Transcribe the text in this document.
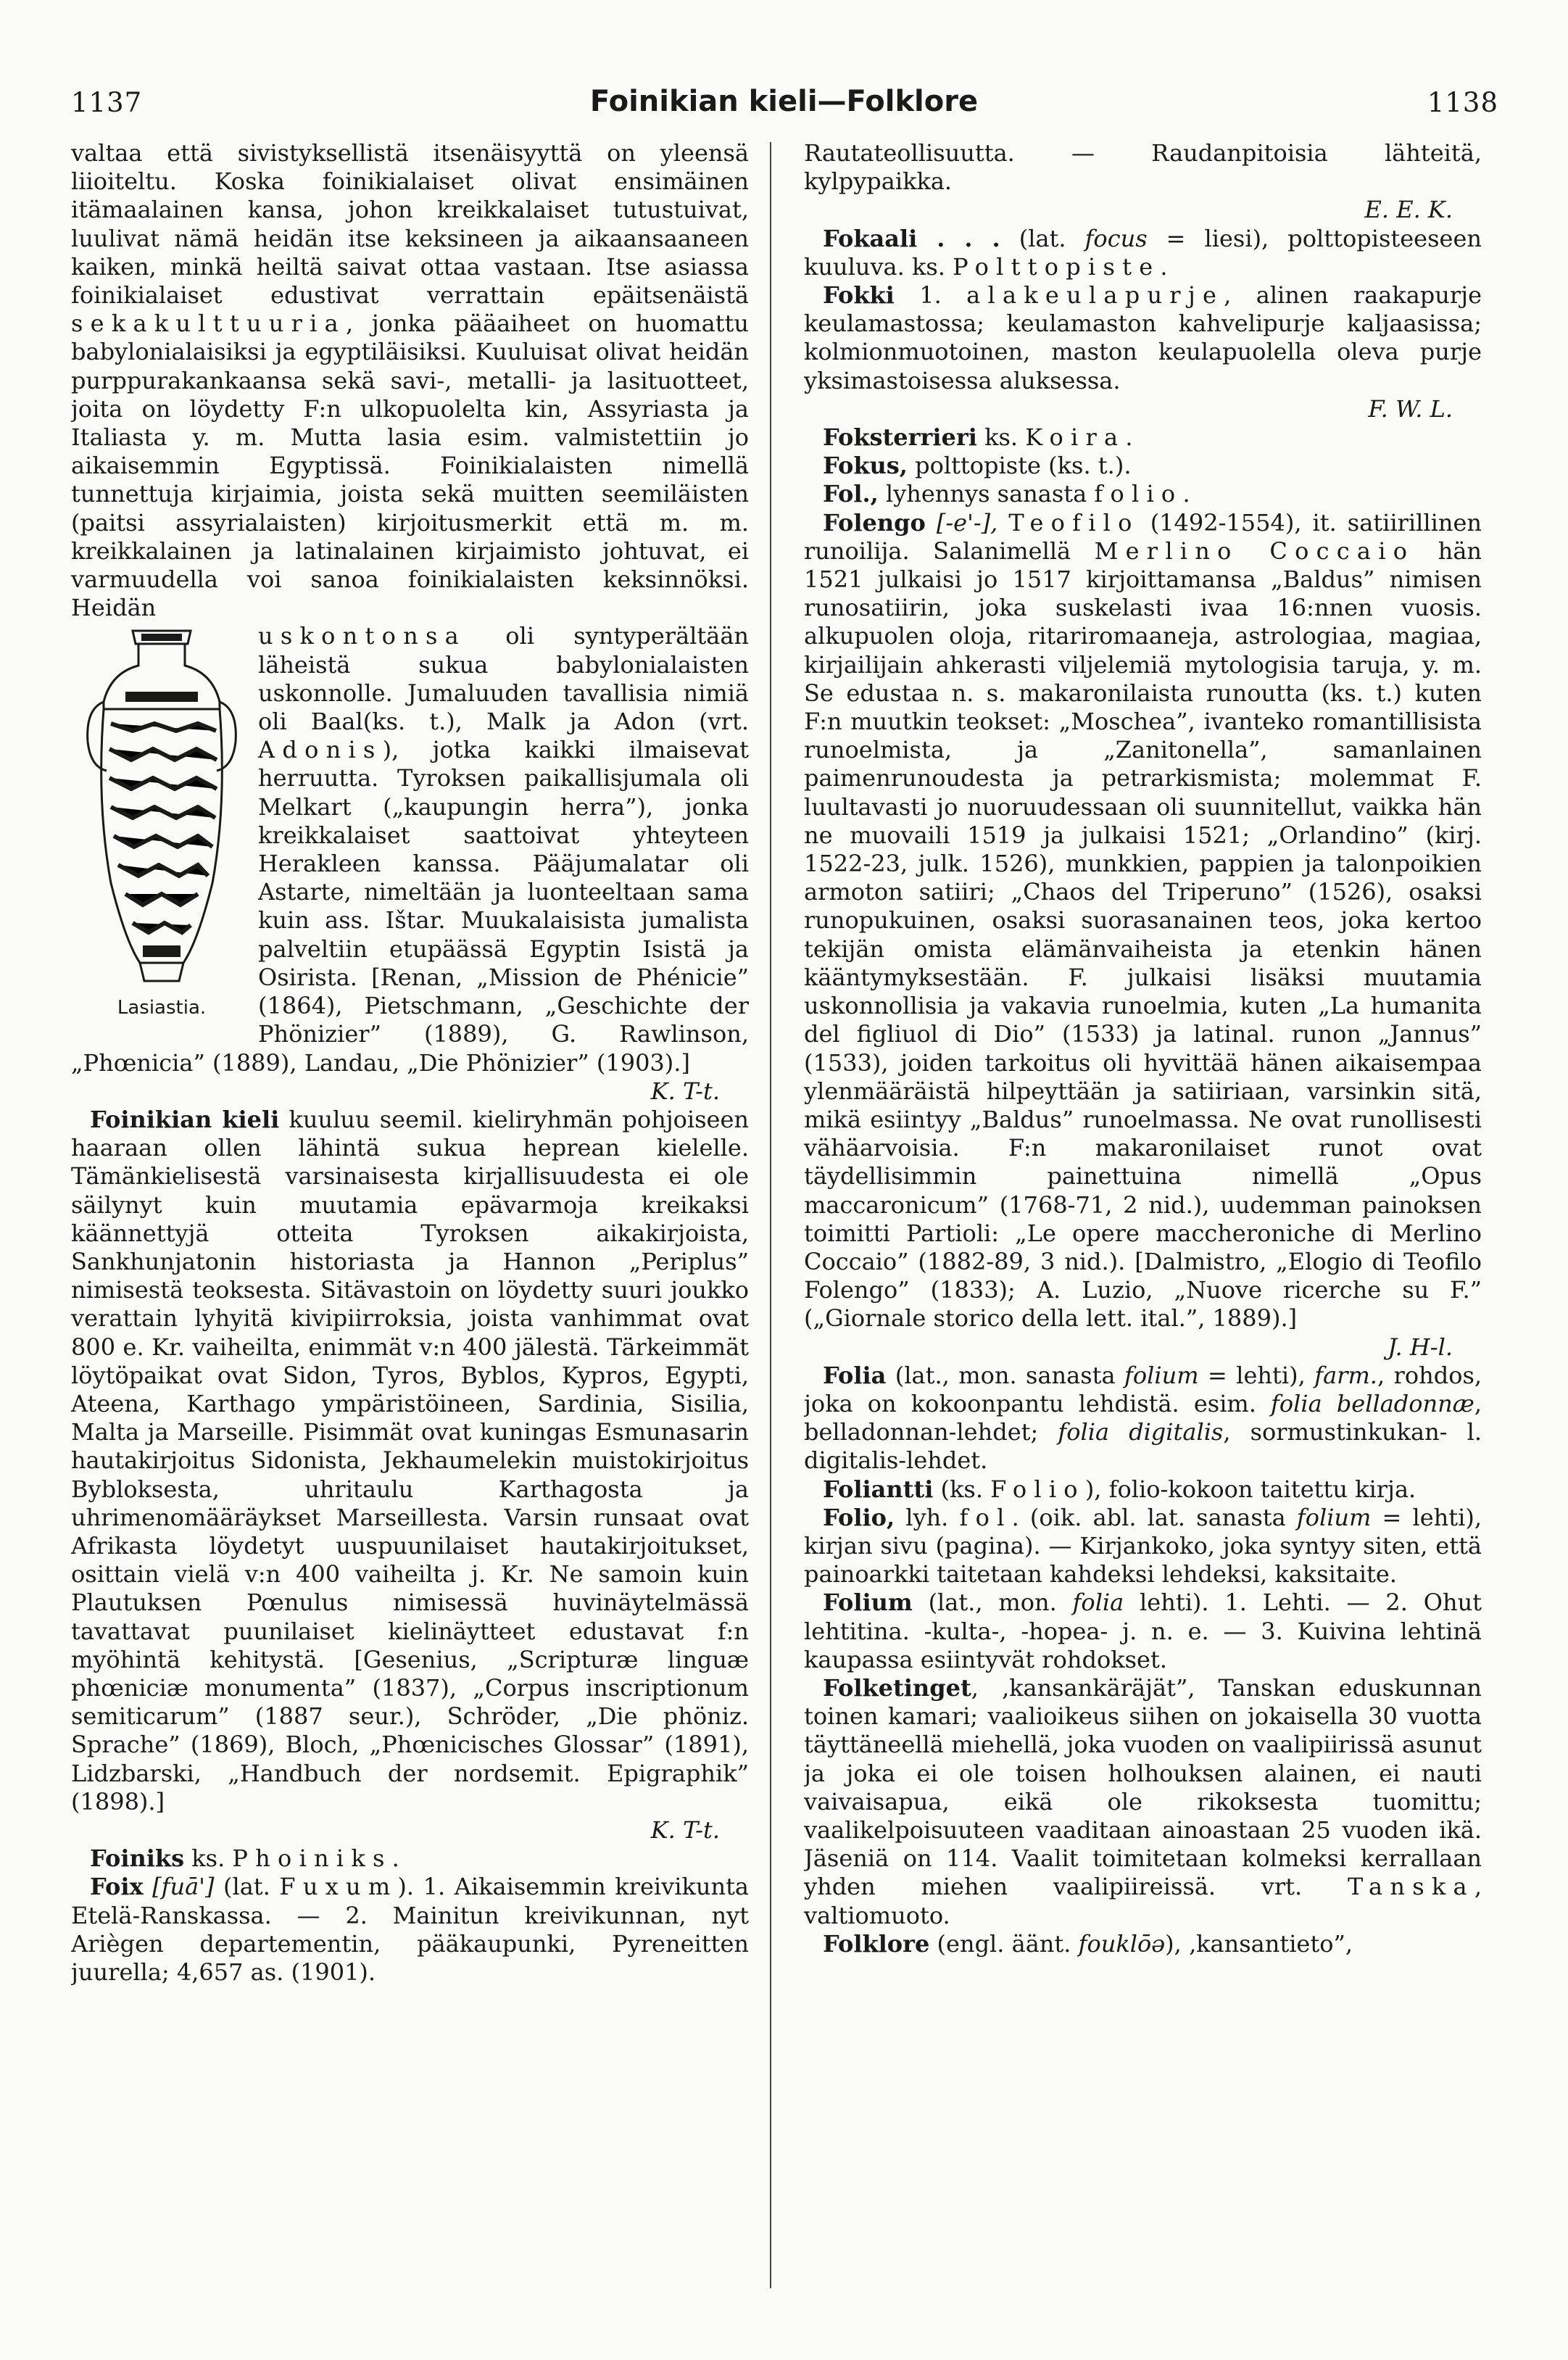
1137	Foinikian kieli—Folklore	1138

valtaa että sivistyksellistä itsenäisyyttä on yleensä liioiteltu. Koska foinikialaiset olivat ensimäinen itämaalainen kansa, johon kreikkalaiset tutustuivat, luulivat nämä heidän itse keksineen ja aikaansaaneen kaiken, minkä heiltä saivat ottaa vastaan. Itse asiassa foinikialaiset edustivat verrattain epäitsenäistä sekakulttuuria, jonka pääaiheet on huomattu babylonialaisiksi ja egyptiläisiksi. Kuuluisat olivat heidän purppurakankaansa sekä savi-, metalli- ja lasituotteet, joita on löydetty F:n ulkopuolelta kin, Assyriasta ja Italiasta y. m. Mutta lasia esim. valmistettiin jo aikaisemmin Egyptissä. Foinikialaisten nimellä tunnettuja kirjaimia, joista sekä muitten seemiläisten (paitsi assyrialaisten) kirjoitusmerkit että m. m. kreikkalainen ja latinalainen kirjaimisto johtuvat, ei varmuudella voi sanoa foinikialaisten keksinnöksi. Heidän

Lasiastia.

uskontonsa oli syntyperältään läheistä sukua babylonialaisten uskonnolle. Jumaluuden tavallisia nimiä oli Baal(ks. t.), Malk ja Adon (vrt. Adonis), jotka kaikki ilmaisevat herruutta. Tyroksen paikallisjumala oli Melkart („kaupungin herra”), jonka kreikkalaiset saattoivat yhteyteen Herakleen kanssa. Pääjumalatar oli Astarte, nimeltään ja luonteeltaan sama kuin ass. Ištar. Muukalaisista jumalista palveltiin etupäässä Egyptin Isistä ja Osirista. [Renan, „Mission de Phénicie” (1864), Pietschmann, „Geschichte der Phönizier” (1889), G. Rawlinson, „Phœnicia” (1889), Landau, „Die Phönizier” (1903).]
K. T-t.

Foinikian kieli kuuluu seemil. kieliryhmän pohjoiseen haaraan ollen lähintä sukua heprean kielelle. Tämänkielisestä varsinaisesta kirjallisuudesta ei ole säilynyt kuin muutamia epävarmoja kreikaksi käännettyjä otteita Tyroksen aikakirjoista, Sankhunjatonin historiasta ja Hannon „Periplus” nimisestä teoksesta. Sitävastoin on löydetty suuri joukko verattain lyhyitä kivipiirroksia, joista vanhimmat ovat 800 e. Kr. vaiheilta, enimmät v:n 400 jälestä. Tärkeimmät löytöpaikat ovat Sidon, Tyros, Byblos, Kypros, Egypti, Ateena, Karthago ympäristöineen, Sardinia, Sisilia, Malta ja Marseille. Pisimmät ovat kuningas Esmunasarin hautakirjoitus Sidonista, Jekhaumelekin muistokirjoitus Bybloksesta, uhritaulu Karthagosta ja uhrimenomääräykset Marseillesta. Varsin runsaat ovat Afrikasta löydetyt uuspuunilaiset hautakirjoitukset, osittain vielä v:n 400 vaiheilta j. Kr. Ne samoin kuin Plautuksen Pœnulus nimisessä huvinäytelmässä tavattavat puunilaiset kielinäytteet edustavat f:n myöhintä kehitystä. [Gesenius, „Scripturæ linguæ phœniciæ monumenta” (1837), „Corpus inscriptionum semiticarum” (1887 seur.), Schröder, „Die phöniz. Sprache” (1869), Bloch, „Phœnicisches Glossar” (1891), Lidzbarski, „Handbuch der nordsemit. Epigraphik” (1898).]
K. T-t.

Foiniks ks. Phoiniks.

Foix [fuā'] (lat. Fuxum). 1. Aikaisemmin kreivikunta Etelä-Ranskassa. — 2. Mainitun kreivikunnan, nyt Ariègen departementin, pääkaupunki, Pyreneitten juurella; 4,657 as. (1901).

Rautateollisuutta. — Raudanpitoisia lähteitä, kylpypaikka.
E. E. K.

Fokaali . . . (lat. focus = liesi), polttopisteeseen kuuluva. ks. Polttopiste.

Fokki 1. alakeulapurje, alinen raakapurje keulamastossa; keulamaston kahvelipurje kaljaasissa; kolmionmuotoinen, maston keulapuolella oleva purje yksimastoisessa aluksessa.
F. W. L.

Foksterrieri ks. Koira.

Fokus, polttopiste (ks. t.).

Fol., lyhennys sanasta folio.

Folengo [-e'-], Teofilo (1492-1554), it. satiirillinen runoilija. Salanimellä Merlino Coccaio hän 1521 julkaisi jo 1517 kirjoittamansa „Baldus” nimisen runosatiirin, joka suskelasti ivaa 16:nnen vuosis. alkupuolen oloja, ritariromaaneja, astrologiaa, magiaa, kirjailijain ahkerasti viljelemiä mytologisia taruja, y. m. Se edustaa n. s. makaronilaista runoutta (ks. t.) kuten F:n muutkin teokset: „Moschea”, ivanteko romantillisista runoelmista, ja „Zanitonella”, samanlainen paimenrunoudesta ja petrarkismista; molemmat F. luultavasti jo nuoruudessaan oli suunnitellut, vaikka hän ne muovaili 1519 ja julkaisi 1521; „Orlandino” (kirj. 1522-23, julk. 1526), munkkien, pappien ja talonpoikien armoton satiiri; „Chaos del Triperuno” (1526), osaksi runopukuinen, osaksi suorasanainen teos, joka kertoo tekijän omista elämänvaiheista ja etenkin hänen kääntymyksestään. F. julkaisi lisäksi muutamia uskonnollisia ja vakavia runoelmia, kuten „La humanita del figliuol di Dio” (1533) ja latinal. runon „Jannus” (1533), joiden tarkoitus oli hyvittää hänen aikaisempaa ylenmääräistä hilpeyttään ja satiiriaan, varsinkin sitä, mikä esiintyy „Baldus” runoelmassa. Ne ovat runollisesti vähäarvoisia. F:n makaronilaiset runot ovat täydellisimmin painettuina nimellä „Opus maccaronicum” (1768-71, 2 nid.), uudemman painoksen toimitti Partioli: „Le opere maccheroniche di Merlino Coccaio” (1882-89, 3 nid.). [Dalmistro, „Elogio di Teofilo Folengo” (1833); A. Luzio, „Nuove ricerche su F.” („Giornale storico della lett. ital.”, 1889).]
J. H-l.

Folia (lat., mon. sanasta folium = lehti), farm., rohdos, joka on kokoonpantu lehdistä. esim. folia belladonnæ, belladonnan-lehdet; folia digitalis, sormustinkukan- l. digitalis-lehdet.

Foliantti (ks. Folio), folio-kokoon taitettu kirja.

Folio, lyh. fol. (oik. abl. lat. sanasta folium = lehti), kirjan sivu (pagina). — Kirjankoko, joka syntyy siten, että painoarkki taitetaan kahdeksi lehdeksi, kaksitaite.

Folium (lat., mon. folia lehti). 1. Lehti. — 2. Ohut lehtitina. -kulta-, -hopea- j. n. e. — 3. Kuivina lehtinä kaupassa esiintyvät rohdokset.

Folketinget, ‚kansankäräjät”, Tanskan eduskunnan toinen kamari; vaalioikeus siihen on jokaisella 30 vuotta täyttäneellä miehellä, joka vuoden on vaalipiirissä asunut ja joka ei ole toisen holhouksen alainen, ei nauti vaivaisapua, eikä ole rikoksesta tuomittu; vaalikelpoisuuteen vaaditaan ainoastaan 25 vuoden ikä. Jäseniä on 114. Vaalit toimitetaan kolmeksi kerrallaan yhden miehen vaalipiireissä. vrt. Tanska, valtiomuoto.

Folklore (engl. äänt. fouklōə), ‚kansantieto”,
